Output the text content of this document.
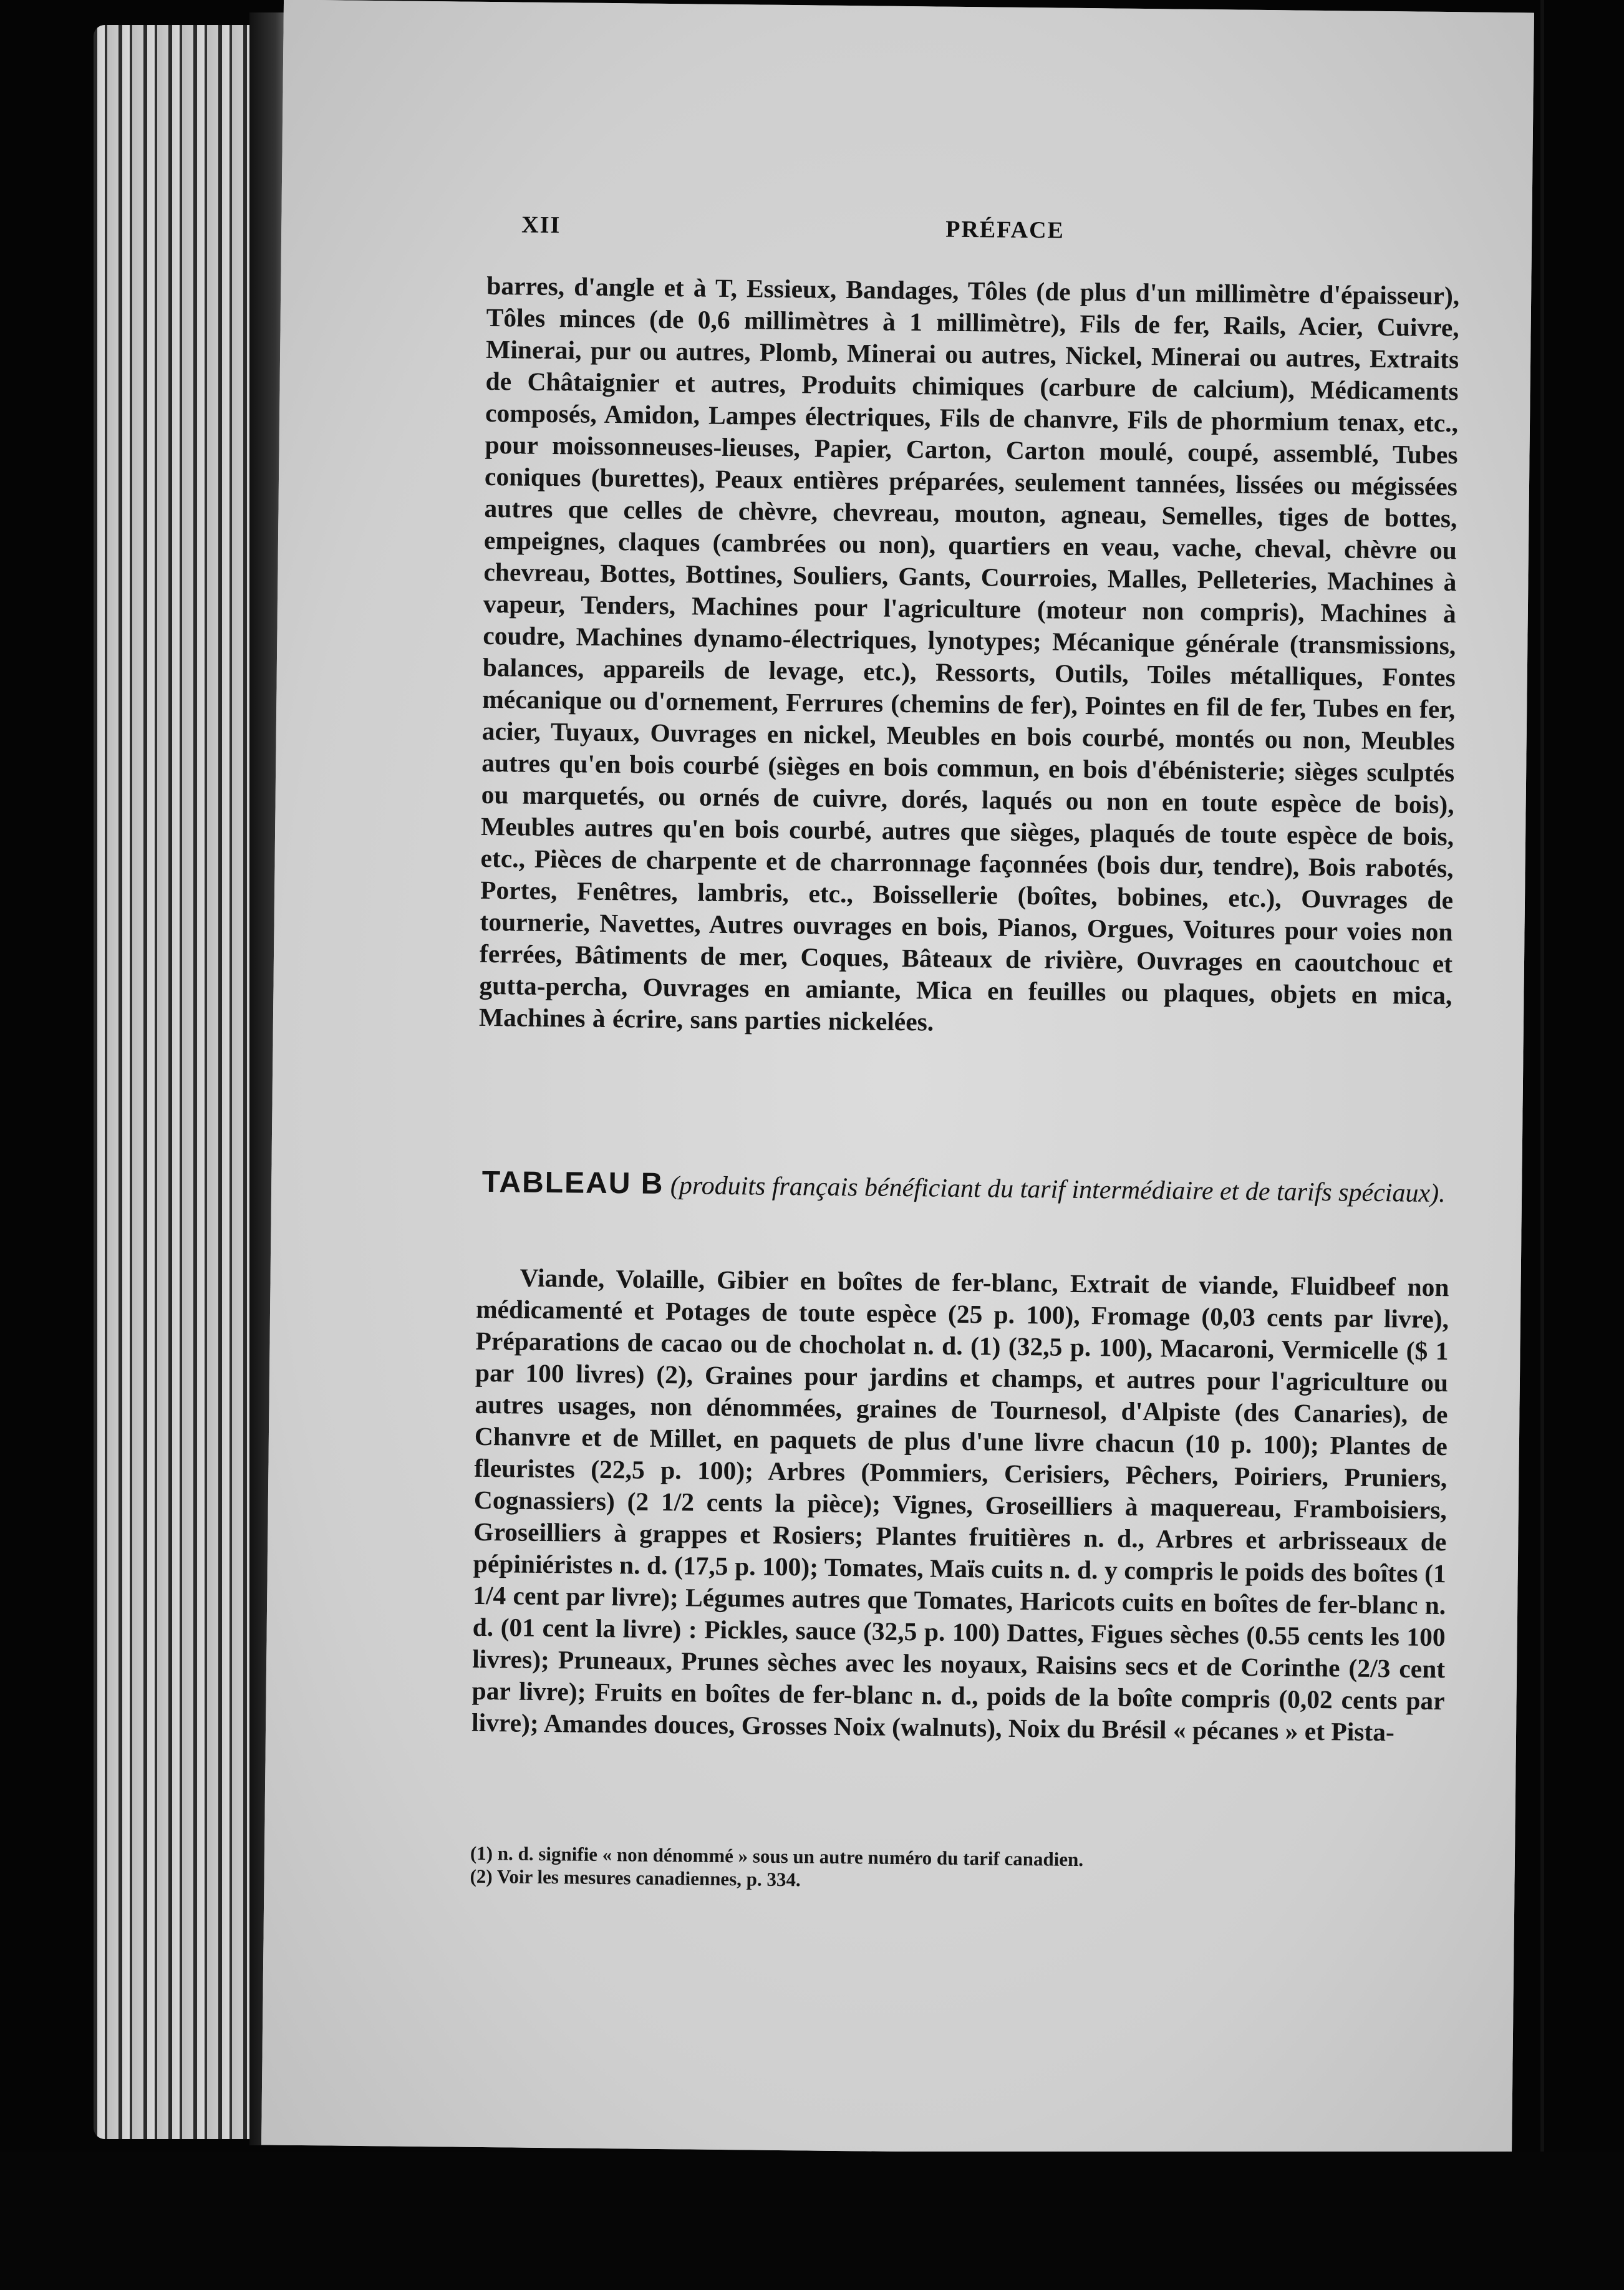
XII	PRÉFACE

barres, d'angle et à T, Essieux, Bandages, Tôles (de plus d'un millimètre d'épaisseur), Tôles minces (de 0,6 millimètres à 1 millimètre), Fils de fer, Rails, Acier, Cuivre, Minerai, pur ou autres, Plomb, Minerai ou autres, Nickel, Minerai ou autres, Extraits de Châtaignier et autres, Produits chimiques (carbure de calcium), Médicaments composés, Amidon, Lampes électriques, Fils de chanvre, Fils de phormium tenax, etc., pour moissonneuses-lieuses, Papier, Carton, Carton moulé, coupé, assemblé, Tubes coniques (burettes), Peaux entières préparées, seulement tannées, lissées ou mégissées autres que celles de chèvre, chevreau, mouton, agneau, Semelles, tiges de bottes, empeignes, claques (cambrées ou non), quartiers en veau, vache, cheval, chèvre ou chevreau, Bottes, Bottines, Souliers, Gants, Courroies, Malles, Pelleteries, Machines à vapeur, Tenders, Machines pour l'agriculture (moteur non compris), Machines à coudre, Machines dynamo-électriques, lynotypes; Mécanique générale (transmissions, balances, appareils de levage, etc.), Ressorts, Outils, Toiles métalliques, Fontes mécanique ou d'ornement, Ferrures (chemins de fer), Pointes en fil de fer, Tubes en fer, acier, Tuyaux, Ouvrages en nickel, Meubles en bois courbé, montés ou non, Meubles autres qu'en bois courbé (sièges en bois commun, en bois d'ébénisterie; sièges sculptés ou marquetés, ou ornés de cuivre, dorés, laqués ou non en toute espèce de bois), Meubles autres qu'en bois courbé, autres que sièges, plaqués de toute espèce de bois, etc., Pièces de charpente et de charronnage façonnées (bois dur, tendre), Bois rabotés, Portes, Fenêtres, lambris, etc., Boissellerie (boîtes, bobines, etc.), Ouvrages de tournerie, Navettes, Autres ouvrages en bois, Pianos, Orgues, Voitures pour voies non ferrées, Bâtiments de mer, Coques, Bâteaux de rivière, Ouvrages en caoutchouc et gutta-percha, Ouvrages en amiante, Mica en feuilles ou plaques, objets en mica, Machines à écrire, sans parties nickelées.

TABLEAU B (produits français bénéficiant du tarif intermédiaire et de tarifs spéciaux).
Viande, Volaille, Gibier en boîtes de fer-blanc, Extrait de viande, Fluidbeef non médicamenté et Potages de toute espèce (25 p. 100), Fromage (0,03 cents par livre), Préparations de cacao ou de chocholat n. d. (1) (32,5 p. 100), Macaroni, Vermicelle ($ 1 par 100 livres) (2), Graines pour jardins et champs, et autres pour l'agriculture ou autres usages, non dénommées, graines de Tournesol, d'Alpiste (des Canaries), de Chanvre et de Millet, en paquets de plus d'une livre chacun (10 p. 100); Plantes de fleuristes (22,5 p. 100); Arbres (Pommiers, Cerisiers, Pêchers, Poiriers, Pruniers, Cognassiers) (2 1/2 cents la pièce); Vignes, Groseilliers à maquereau, Framboisiers, Groseilliers à grappes et Rosiers; Plantes fruitières n. d., Arbres et arbrisseaux de pépiniéristes n. d. (17,5 p. 100); Tomates, Maïs cuits n. d. y compris le poids des boîtes (1 1/4 cent par livre); Légumes autres que Tomates, Haricots cuits en boîtes de fer-blanc n. d. (01 cent la livre) : Pickles, sauce (32,5 p. 100) Dattes, Figues sèches (0.55 cents les 100 livres); Pruneaux, Prunes sèches avec les noyaux, Raisins secs et de Corinthe (2/3 cent par livre); Fruits en boîtes de fer-blanc n. d., poids de la boîte compris (0,02 cents par livre); Amandes douces, Grosses Noix (walnuts), Noix du Brésil « pécanes » et Pista-
(1) n. d. signifie « non dénommé » sous un autre numéro du tarif canadien.
(2) Voir les mesures canadiennes, p. 334.
